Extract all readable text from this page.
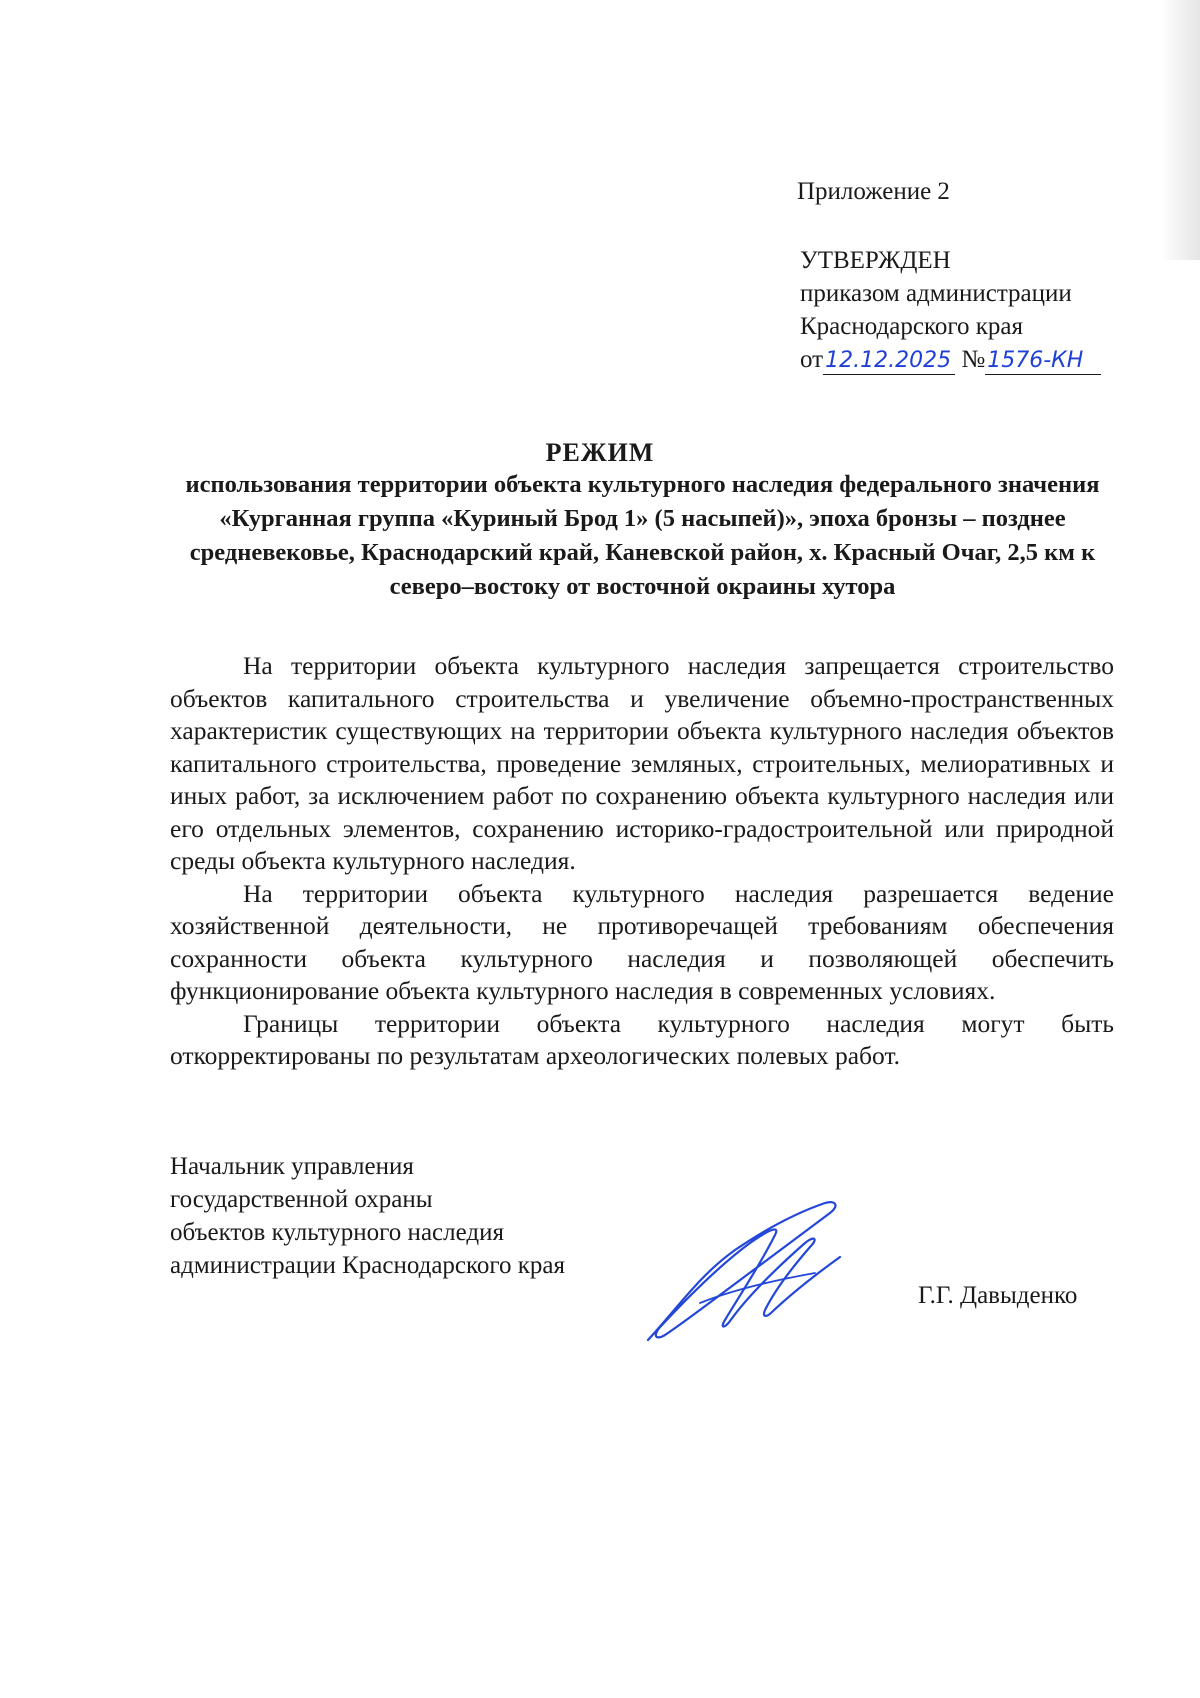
Приложение 2
УТВЕРЖДЕН
приказом администрации
Краснодарского края
от12.12.2025 №1576-КН
РЕЖИМ
использования территории объекта культурного наследия федерального значения «Курганная группа «Куриный Брод 1» (5 насыпей)», эпоха бронзы – позднее средневековье, Краснодарский край, Каневской район, х. Красный Очаг, 2,5 км к северо–востоку от восточной окраины хутора

На территории объекта культурного наследия запрещается строительство объектов капитального строительства и увеличение объемно-пространственных характеристик существующих на территории объекта культурного наследия объектов капитального строительства, проведение земляных, строительных, мелиоративных и иных работ, за исключением работ по сохранению объекта культурного наследия или его отдельных элементов, сохранению историко-градостроительной или природной среды объекта культурного наследия.

На территории объекта культурного наследия разрешается ведение хозяйственной деятельности, не противоречащей требованиям обеспечения сохранности объекта культурного наследия и позволяющей обеспечить функционирование объекта культурного наследия в современных условиях.

Границы территории объекта культурного наследия могут быть откорректированы по результатам археологических полевых работ.

Начальник управления
государственной охраны
объектов культурного наследия
администрации Краснодарского края
Г.Г. Давыденко
